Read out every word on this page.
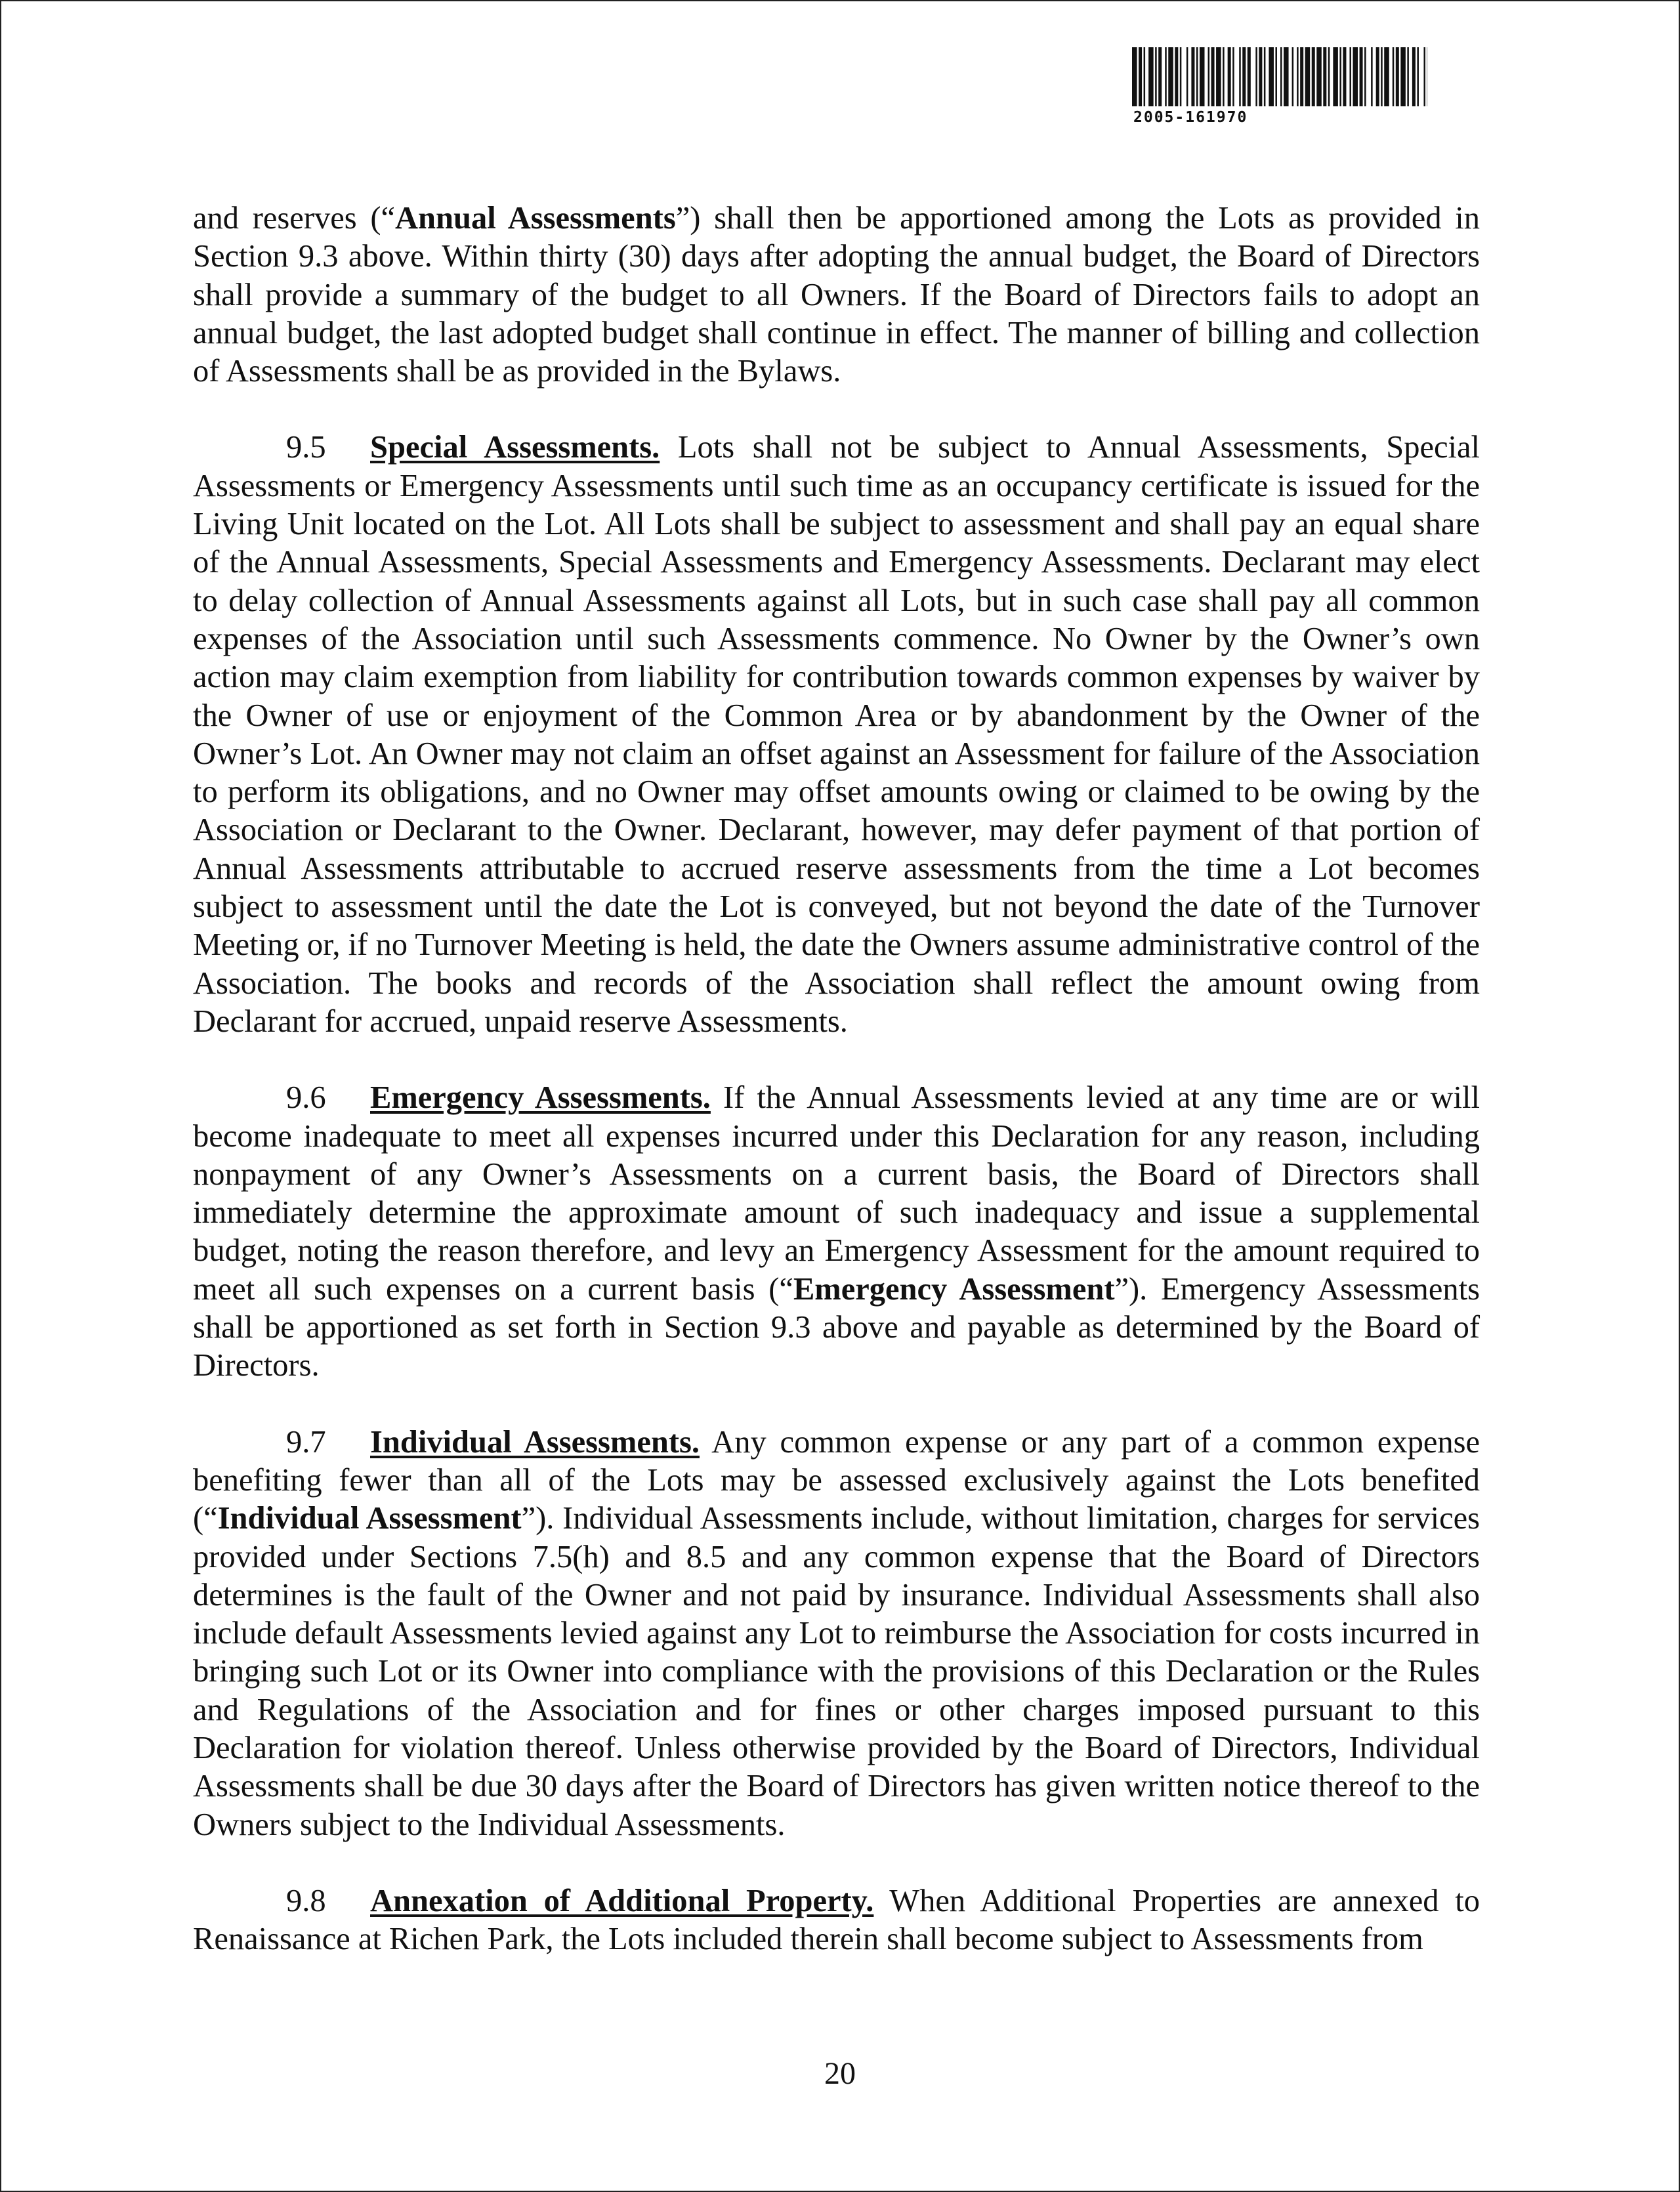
2005-161970

and reserves (“Annual Assessments”) shall then be apportioned among the Lots as provided in Section 9.3 above. Within thirty (30) days after adopting the annual budget, the Board of Directors shall provide a summary of the budget to all Owners. If the Board of Directors fails to adopt an annual budget, the last adopted budget shall continue in effect. The manner of billing and collection of Assessments shall be as provided in the Bylaws.

9.5 Special Assessments. Lots shall not be subject to Annual Assessments, Special Assessments or Emergency Assessments until such time as an occupancy certificate is issued for the Living Unit located on the Lot. All Lots shall be subject to assessment and shall pay an equal share of the Annual Assessments, Special Assessments and Emergency Assessments. Declarant may elect to delay collection of Annual Assessments against all Lots, but in such case shall pay all common expenses of the Association until such Assessments commence. No Owner by the Owner’s own action may claim exemption from liability for contribution towards common expenses by waiver by the Owner of use or enjoyment of the Common Area or by abandonment by the Owner of the Owner’s Lot. An Owner may not claim an offset against an Assessment for failure of the Association to perform its obligations, and no Owner may offset amounts owing or claimed to be owing by the Association or Declarant to the Owner. Declarant, however, may defer payment of that portion of Annual Assessments attributable to accrued reserve assessments from the time a Lot becomes subject to assessment until the date the Lot is conveyed, but not beyond the date of the Turnover Meeting or, if no Turnover Meeting is held, the date the Owners assume administrative control of the Association. The books and records of the Association shall reflect the amount owing from Declarant for accrued, unpaid reserve Assessments.

9.6 Emergency Assessments. If the Annual Assessments levied at any time are or will become inadequate to meet all expenses incurred under this Declaration for any reason, including nonpayment of any Owner’s Assessments on a current basis, the Board of Directors shall immediately determine the approximate amount of such inadequacy and issue a supplemental budget, noting the reason therefore, and levy an Emergency Assessment for the amount required to meet all such expenses on a current basis (“Emergency Assessment”). Emergency Assessments shall be apportioned as set forth in Section 9.3 above and payable as determined by the Board of Directors.

9.7 Individual Assessments. Any common expense or any part of a common expense benefiting fewer than all of the Lots may be assessed exclusively against the Lots benefited (“Individual Assessment”). Individual Assessments include, without limitation, charges for services provided under Sections 7.5(h) and 8.5 and any common expense that the Board of Directors determines is the fault of the Owner and not paid by insurance. Individual Assessments shall also include default Assessments levied against any Lot to reimburse the Association for costs incurred in bringing such Lot or its Owner into compliance with the provisions of this Declaration or the Rules and Regulations of the Association and for fines or other charges imposed pursuant to this Declaration for violation thereof. Unless otherwise provided by the Board of Directors, Individual Assessments shall be due 30 days after the Board of Directors has given written notice thereof to the Owners subject to the Individual Assessments.

9.8 Annexation of Additional Property. When Additional Properties are annexed to Renaissance at Richen Park, the Lots included therein shall become subject to Assessments from

20
